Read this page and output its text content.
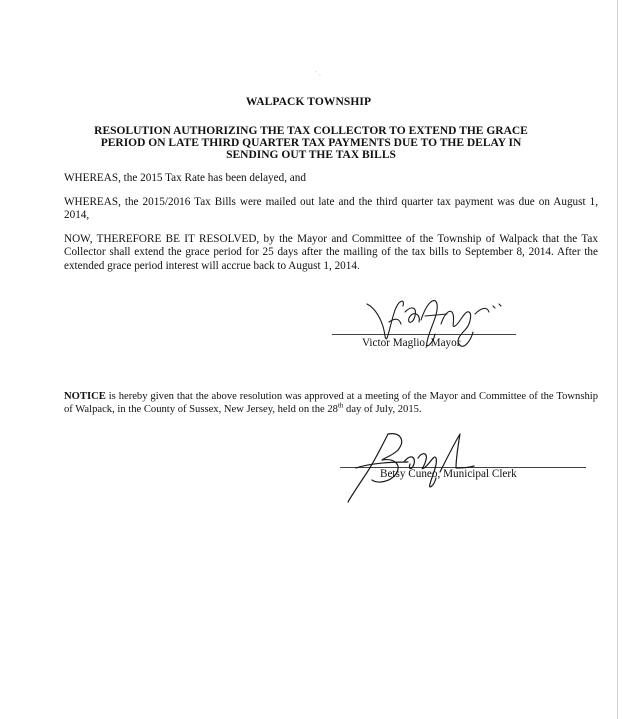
˙·
WALPACK TOWNSHIP
RESOLUTION AUTHORIZING THE TAX COLLECTOR TO EXTEND THE GRACE PERIOD ON LATE THIRD QUARTER TAX PAYMENTS DUE TO THE DELAY IN SENDING OUT THE TAX BILLS
WHEREAS, the 2015 Tax Rate has been delayed, and
WHEREAS, the 2015/2016 Tax Bills were mailed out late and the third quarter tax payment was due on August 1, 2014,
NOW, THEREFORE BE IT RESOLVED, by the Mayor and Committee of the Township of Walpack that the Tax Collector shall extend the grace period for 25 days after the mailing of the tax bills to September 8, 2014. After the extended grace period interest will accrue back to August 1, 2014.
Victor Maglio, Mayor
NOTICE is hereby given that the above resolution was approved at a meeting of the Mayor and Committee of the Township of Walpack, in the County of Sussex, New Jersey, held on the 28th day of July, 2015.
Betsy Cuneo, Municipal Clerk
